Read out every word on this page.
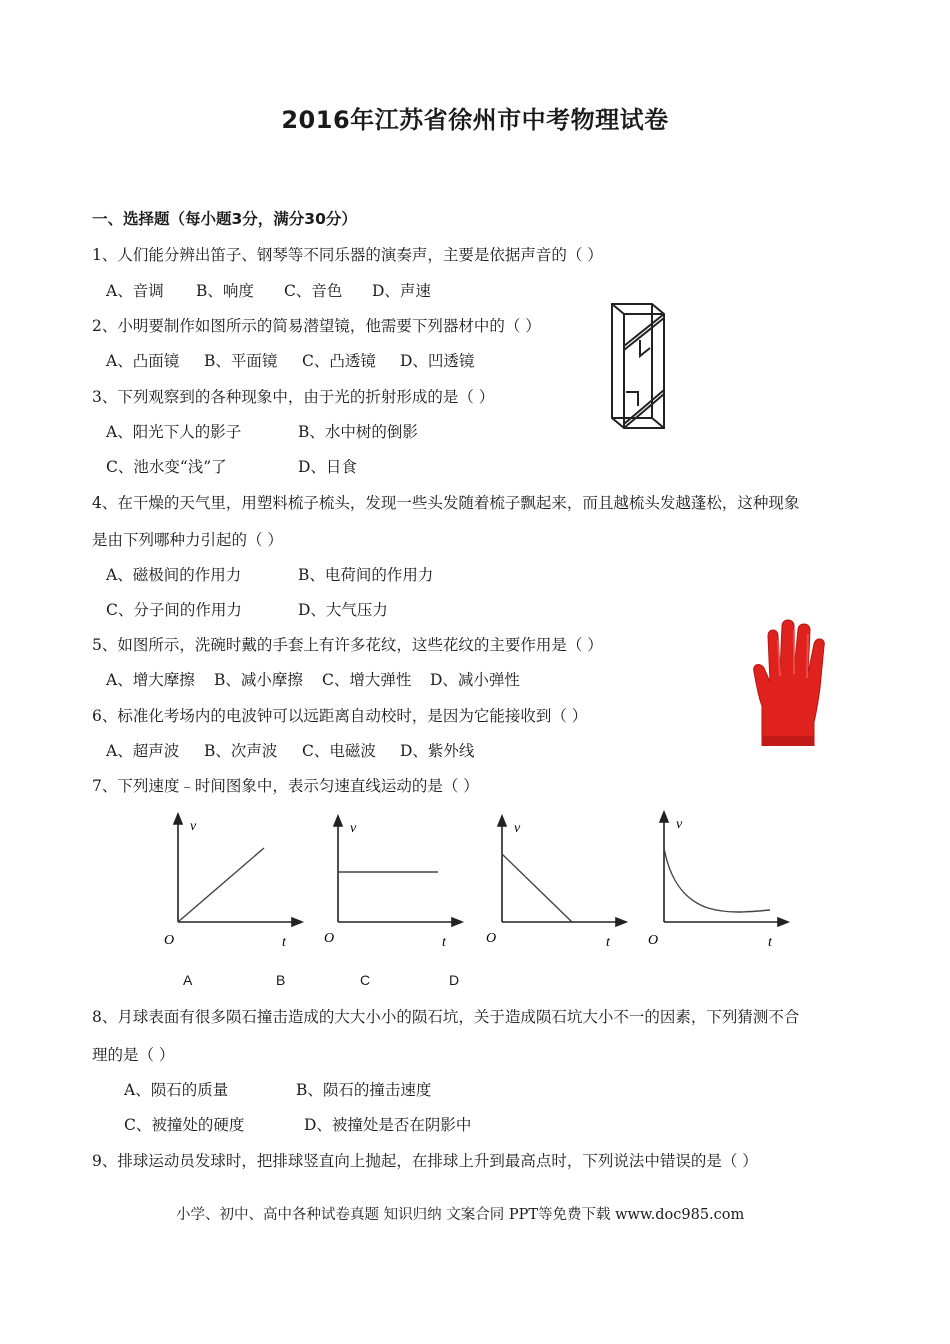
2016年江苏省徐州市中考物理试卷
一、选择题（每小题3分，满分30分）
1、人们能分辨出笛子、钢琴等不同乐器的演奏声，主要是依据声音的（ ）
A、音调 B、响度 C、音色 D、声速
2、小明要制作如图所示的简易潜望镜，他需要下列器材中的（ ）
A、凸面镜 B、平面镜 C、凸透镜 D、凹透镜
3、下列观察到的各种现象中，由于光的折射形成的是（ ）
A、阳光下人的影子	B、水中树的倒影
C、池水变“浅”了	D、日食
4、在干燥的天气里，用塑料梳子梳头，发现一些头发随着梳子飘起来，而且越梳头发越蓬松，这种现象
是由下列哪种力引起的（ ）
A、磁极间的作用力	B、电荷间的作用力
C、分子间的作用力	D、大气压力
5、如图所示，洗碗时戴的手套上有许多花纹，这些花纹的主要作用是（ ）
A、增大摩擦 B、减小摩擦 C、增大弹性 D、减小弹性
6、标准化考场内的电波钟可以远距离自动校时，是因为它能接收到（ ）
A、超声波 B、次声波 C、电磁波 D、紫外线
7、下列速度﹣时间图象中，表示匀速直线运动的是（ ）
v
O	t
v
O	t
v
O	t
v
O	t
A	B	C	D
8、月球表面有很多陨石撞击造成的大大小小的陨石坑，关于造成陨石坑大小不一的因素，下列猜测不合
理的是（ ）
A、陨石的质量	B、陨石的撞击速度
C、被撞处的硬度	D、被撞处是否在阴影中
9、排球运动员发球时，把排球竖直向上抛起，在排球上升到最高点时，下列说法中错误的是（ ）
小学、初中、高中各种试卷真题 知识归纳 文案合同 PPT等免费下载 www.doc985.com
